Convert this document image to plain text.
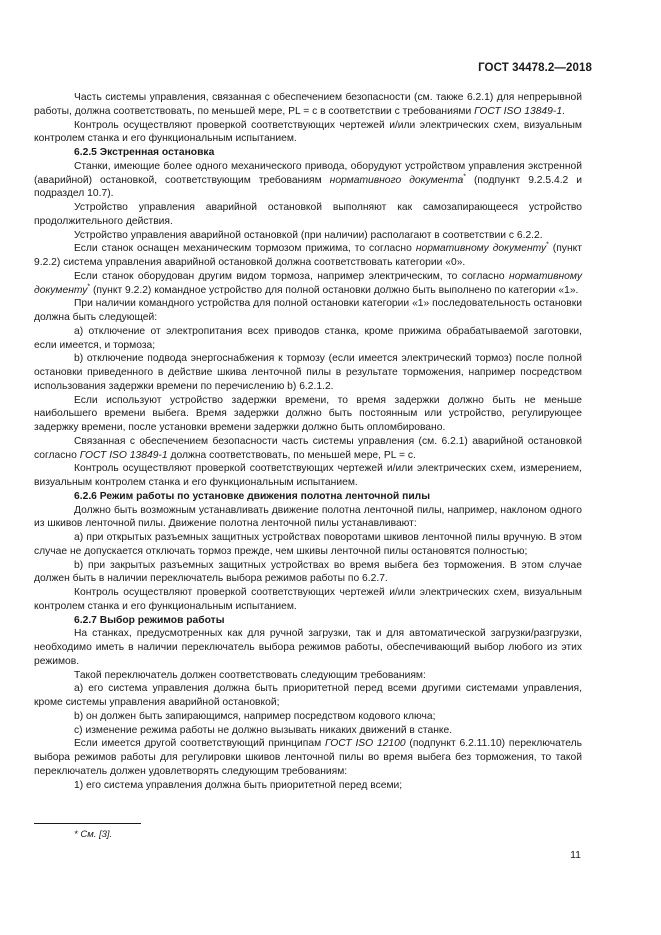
ГОСТ 34478.2—2018

Часть системы управления, связанная с обеспечением безопасности (см. также 6.2.1) для непрерывной работы, должна соответствовать, по меньшей мере, PL = c в соответствии с требованиями ГОСТ ISO 13849-1.

Контроль осуществляют проверкой соответствующих чертежей и/или электрических схем, визуальным контролем станка и его функциональным испытанием.

6.2.5 Экстренная остановка

Станки, имеющие более одного механического привода, оборудуют устройством управления экстренной (аварийной) остановкой, соответствующим требованиям нормативного документа* (подпункт 9.2.5.4.2 и подраздел 10.7).

Устройство управления аварийной остановкой выполняют как самозапирающееся устройство продолжительного действия.

Устройство управления аварийной остановкой (при наличии) располагают в соответствии с 6.2.2.

Если станок оснащен механическим тормозом прижима, то согласно нормативному документу* (пункт 9.2.2) система управления аварийной остановкой должна соответствовать категории «0».

Если станок оборудован другим видом тормоза, например электрическим, то согласно нормативному документу* (пункт 9.2.2) командное устройство для полной остановки должно быть выполнено по категории «1».

При наличии командного устройства для полной остановки категории «1» последовательность остановки должна быть следующей:

а) отключение от электропитания всех приводов станка, кроме прижима обрабатываемой заготовки, если имеется, и тормоза;

b) отключение подвода энергоснабжения к тормозу (если имеется электрический тормоз) после полной остановки приведенного в действие шкива ленточной пилы в результате торможения, например посредством использования задержки времени по перечислению b) 6.2.1.2.

Если используют устройство задержки времени, то время задержки должно быть не меньше наибольшего времени выбега. Время задержки должно быть постоянным или устройство, регулирующее задержку времени, после установки времени задержки должно быть опломбировано.

Связанная с обеспечением безопасности часть системы управления (см. 6.2.1) аварийной остановкой согласно ГОСТ ISO 13849-1 должна соответствовать, по меньшей мере, PL = c.

Контроль осуществляют проверкой соответствующих чертежей и/или электрических схем, измерением, визуальным контролем станка и его функциональным испытанием.

6.2.6 Режим работы по установке движения полотна ленточной пилы

Должно быть возможным устанавливать движение полотна ленточной пилы, например, наклоном одного из шкивов ленточной пилы. Движение полотна ленточной пилы устанавливают:

а) при открытых разъемных защитных устройствах поворотами шкивов ленточной пилы вручную. В этом случае не допускается отключать тормоз прежде, чем шкивы ленточной пилы остановятся полностью;

b) при закрытых разъемных защитных устройствах во время выбега без торможения. В этом случае должен быть в наличии переключатель выбора режимов работы по 6.2.7.

Контроль осуществляют проверкой соответствующих чертежей и/или электрических схем, визуальным контролем станка и его функциональным испытанием.

6.2.7 Выбор режимов работы

На станках, предусмотренных как для ручной загрузки, так и для автоматической загрузки/разгрузки, необходимо иметь в наличии переключатель выбора режимов работы, обеспечивающий выбор любого из этих режимов.

Такой переключатель должен соответствовать следующим требованиям:

а) его система управления должна быть приоритетной перед всеми другими системами управления, кроме системы управления аварийной остановкой;

b) он должен быть запирающимся, например посредством кодового ключа;

с) изменение режима работы не должно вызывать никаких движений в станке.

Если имеется другой соответствующий принципам ГОСТ ISO 12100 (подпункт 6.2.11.10) переключатель выбора режимов работы для регулировки шкивов ленточной пилы во время выбега без торможения, то такой переключатель должен удовлетворять следующим требованиям:

1) его система управления должна быть приоритетной перед всеми;

* См. [3].
11
